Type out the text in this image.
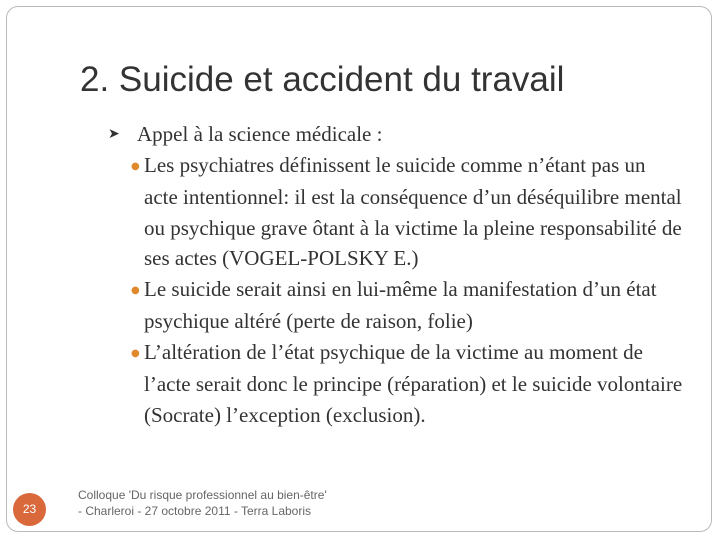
2. Suicide et accident du travail
➤ Appel à la science médicale :
● Les psychiatres définissent le suicide comme n’étant pas un acte intentionnel: il est la conséquence d’un déséquilibre mental ou psychique grave ôtant à la victime la pleine responsabilité de ses actes (VOGEL-POLSKY E.)
● Le suicide serait ainsi en lui-même la manifestation d’un état psychique altéré (perte de raison, folie)
● L’altération de l’état psychique de la victime au moment de l’acte serait donc le principe (réparation) et le suicide volontaire (Socrate) l’exception (exclusion).
23
Colloque 'Du risque professionnel au bien-être'
- Charleroi - 27 octobre 2011 - Terra Laboris
